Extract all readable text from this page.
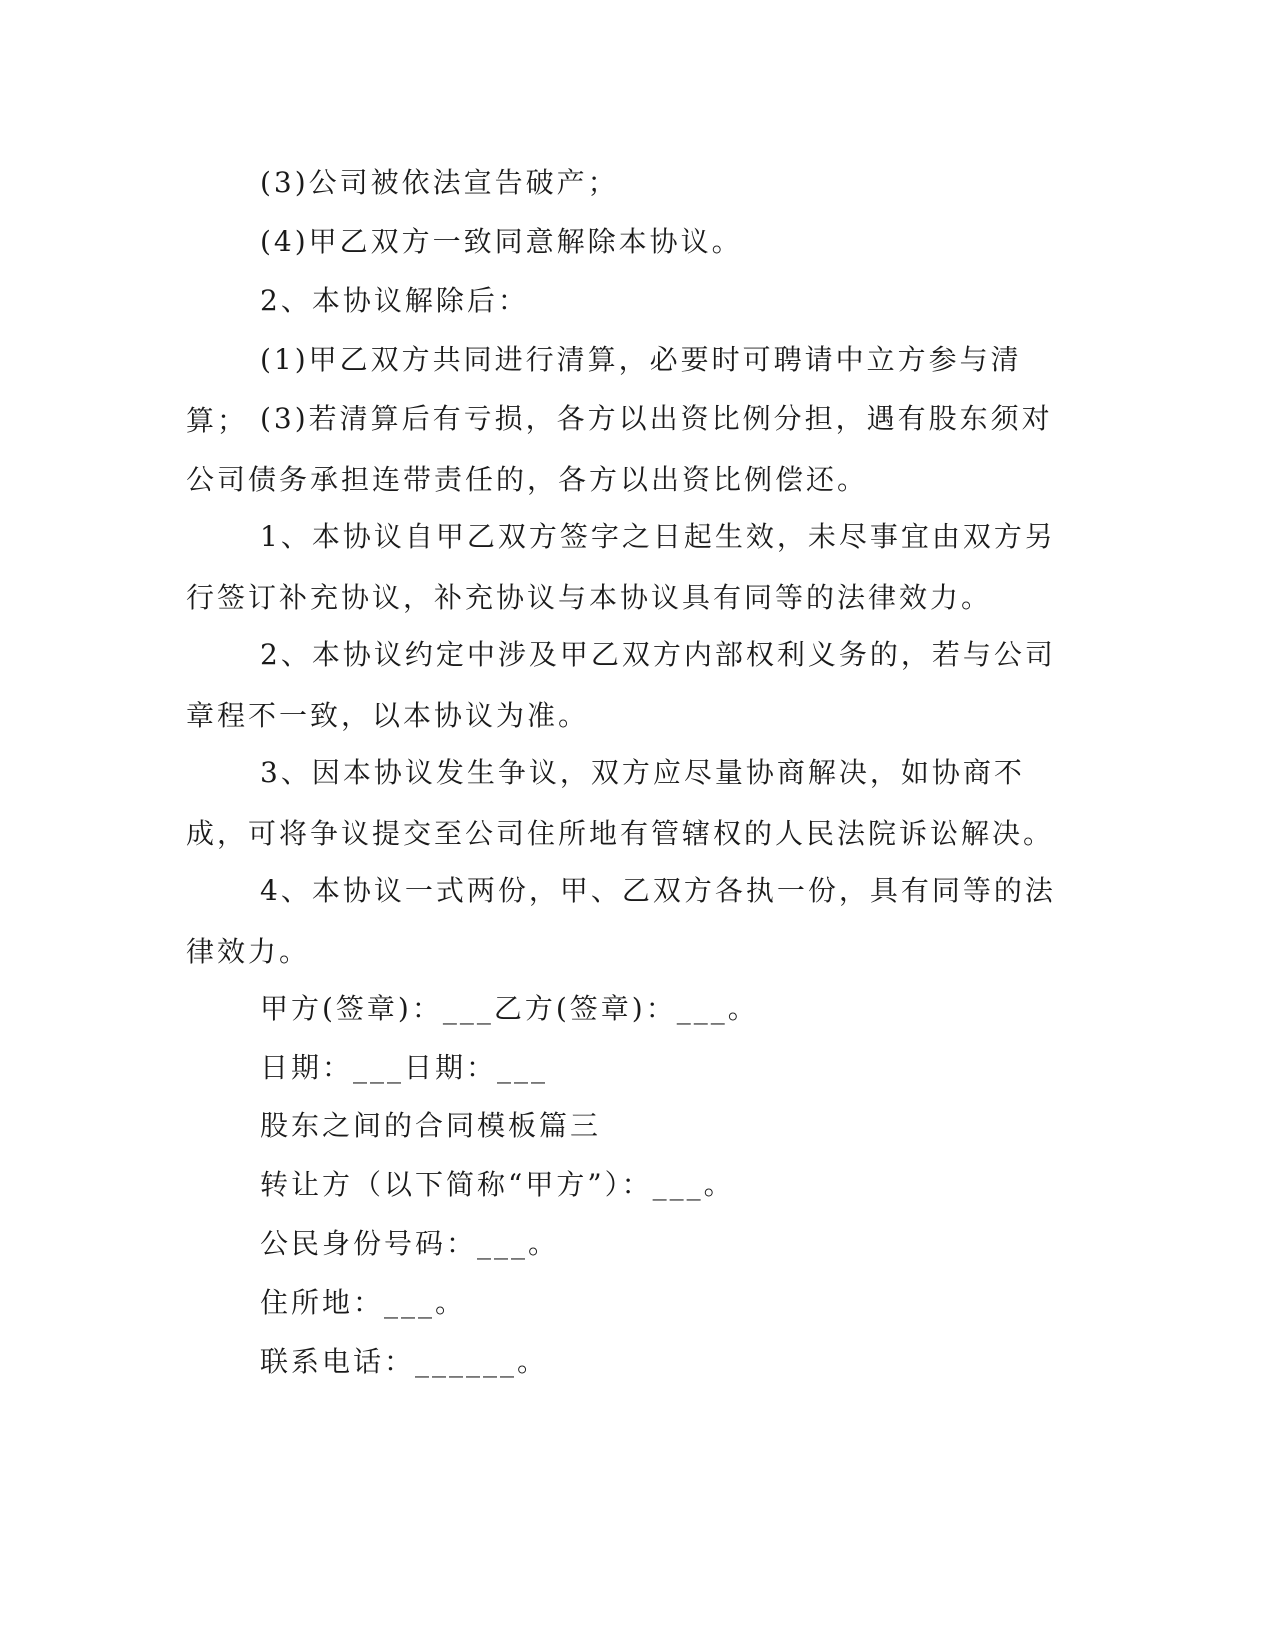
(3)公司被依法宣告破产；

(4)甲乙双方一致同意解除本协议。

2、本协议解除后：

(1)甲乙双方共同进行清算，必要时可聘请中立方参与清算； (3)若清算后有亏损，各方以出资比例分担，遇有股东须对公司债务承担连带责任的，各方以出资比例偿还。

1、本协议自甲乙双方签字之日起生效，未尽事宜由双方另行签订补充协议，补充协议与本协议具有同等的法律效力。

2、本协议约定中涉及甲乙双方内部权利义务的，若与公司章程不一致，以本协议为准。

3、因本协议发生争议，双方应尽量协商解决，如协商不成，可将争议提交至公司住所地有管辖权的人民法院诉讼解决。

4、本协议一式两份，甲、乙双方各执一份，具有同等的法律效力。

甲方(签章)：___乙方(签章)：___。

日期：___日期：___

股东之间的合同模板篇三

转让方（以下简称“甲方”）：___。

公民身份号码：___。

住所地：___。

联系电话：______。
